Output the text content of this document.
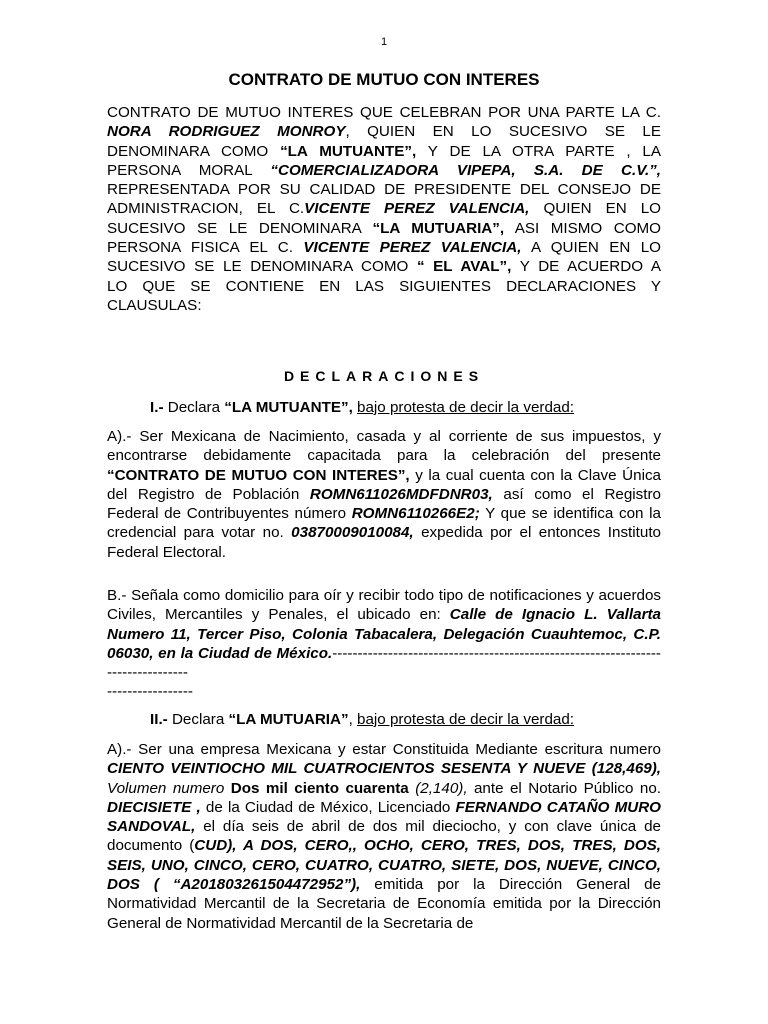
1
CONTRATO DE MUTUO CON INTERES
CONTRATO DE MUTUO INTERES QUE CELEBRAN POR UNA PARTE LA C. NORA RODRIGUEZ MONROY, QUIEN EN LO SUCESIVO SE LE DENOMINARA COMO “LA MUTUANTE”, Y DE LA OTRA PARTE , LA PERSONA MORAL “COMERCIALIZADORA VIPEPA, S.A. DE C.V.”, REPRESENTADA POR SU CALIDAD DE PRESIDENTE DEL CONSEJO DE ADMINISTRACION, EL C.VICENTE PEREZ VALENCIA, QUIEN EN LO SUCESIVO SE LE DENOMINARA “LA MUTUARIA”, ASI MISMO COMO PERSONA FISICA EL C. VICENTE PEREZ VALENCIA, A QUIEN EN LO SUCESIVO SE LE DENOMINARA COMO “ EL AVAL”, Y DE ACUERDO A LO QUE SE CONTIENE EN LAS SIGUIENTES DECLARACIONES Y CLAUSULAS:
DECLARACIONES
I.- Declara “LA MUTUANTE”, bajo protesta de decir la verdad:
A).- Ser Mexicana de Nacimiento, casada y al corriente de sus impuestos, y encontrarse debidamente capacitada para la celebración del presente “CONTRATO DE MUTUO CON INTERES”, y la cual cuenta con la Clave Única del Registro de Población ROMN611026MDFDNR03, así como el Registro Federal de Contribuyentes número ROMN6110266E2; Y que se identifica con la credencial para votar no. 03870009010084, expedida por el entonces Instituto Federal Electoral.
B.- Señala como domicilio para oír y recibir todo tipo de notificaciones y acuerdos Civiles, Mercantiles y Penales, el ubicado en: Calle de Ignacio L. Vallarta Numero 11, Tercer Piso, Colonia Tabacalera, Delegación Cuauhtemoc, C.P. 06030, en la Ciudad de México.---------------------------------------------------------------------------------
-----------------
II.- Declara “LA MUTUARIA”, bajo protesta de decir la verdad:
A).- Ser una empresa Mexicana y estar Constituida Mediante escritura numero CIENTO VEINTIOCHO MIL CUATROCIENTOS SESENTA Y NUEVE (128,469), Volumen numero Dos mil ciento cuarenta (2,140), ante el Notario Público no. DIECISIETE , de la Ciudad de México, Licenciado FERNANDO CATAÑO MURO SANDOVAL, el día seis de abril de dos mil dieciocho, y con clave única de documento (CUD), A DOS, CERO,, OCHO, CERO, TRES, DOS, TRES, DOS, SEIS, UNO, CINCO, CERO, CUATRO, CUATRO, SIETE, DOS, NUEVE, CINCO, DOS ( “A201803261504472952”), emitida por la Dirección General de Normatividad Mercantil de la Secretaria de Economía emitida por la Dirección General de Normatividad Mercantil de la Secretaria de
